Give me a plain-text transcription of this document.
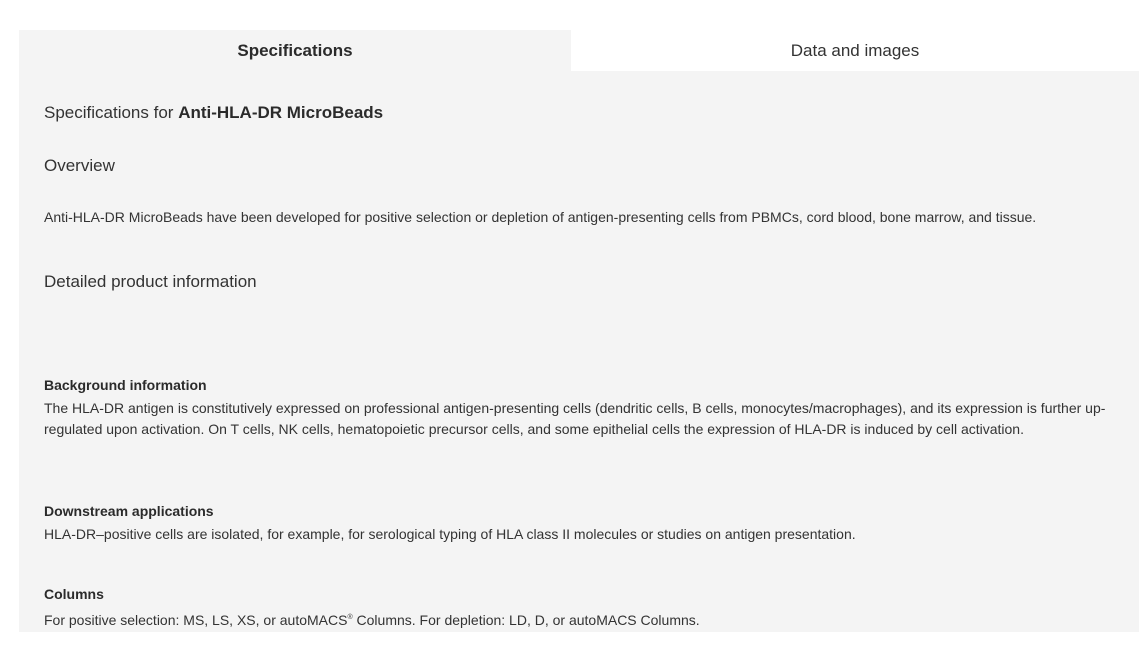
Specifications	Data and images
Specifications for Anti-HLA-DR MicroBeads
Overview

Anti-HLA-DR MicroBeads have been developed for positive selection or depletion of antigen-presenting cells from PBMCs, cord blood, bone marrow, and tissue.

Detailed product information
Background information

The HLA-DR antigen is constitutively expressed on professional antigen-presenting cells (dendritic cells, B cells, monocytes/macrophages), and its expression is further up-regulated upon activation. On T cells, NK cells, hematopoietic precursor cells, and some epithelial cells the expression of HLA-DR is induced by cell activation.

Downstream applications

HLA-DR–positive cells are isolated, for example, for serological typing of HLA class II molecules or studies on antigen presentation.

Columns

For positive selection: MS, LS, XS, or autoMACS® Columns. For depletion: LD, D, or autoMACS Columns.
